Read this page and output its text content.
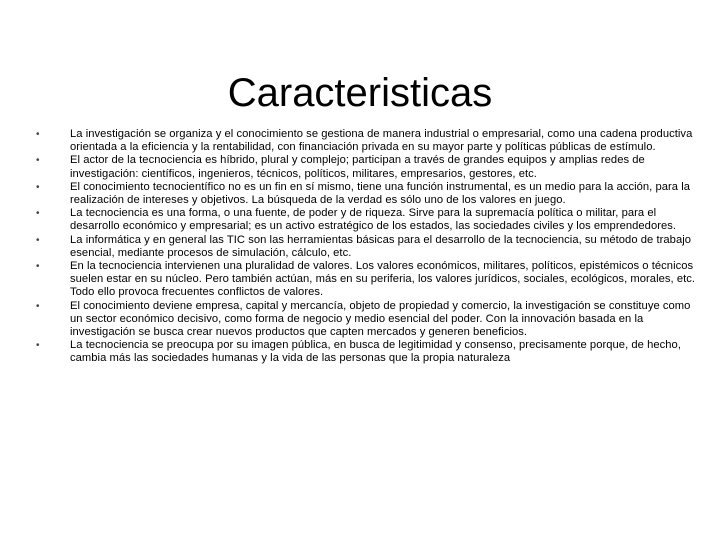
Caracteristicas
•	La investigación se organiza y el conocimiento se gestiona de manera industrial o empresarial, como una cadena productiva orientada a la eficiencia y la rentabilidad, con financiación privada en su mayor parte y políticas públicas de estímulo.
•	El actor de la tecnociencia es híbrido, plural y complejo; participan a través de grandes equipos y amplias redes de investigación: científicos, ingenieros, técnicos, políticos, militares, empresarios, gestores, etc.
•	El conocimiento tecnocientífico no es un fin en sí mismo, tiene una función instrumental, es un medio para la acción, para la realización de intereses y objetivos. La búsqueda de la verdad es sólo uno de los valores en juego.
•	La tecnociencia es una forma, o una fuente, de poder y de riqueza. Sirve para la supremacía política o militar, para el desarrollo económico y empresarial; es un activo estratégico de los estados, las sociedades civiles y los emprendedores.
•	La informática y en general las TIC son las herramientas básicas para el desarrollo de la tecnociencia, su método de trabajo esencial, mediante procesos de simulación, cálculo, etc.
•	En la tecnociencia intervienen una pluralidad de valores. Los valores económicos, militares, políticos, epistémicos o técnicos suelen estar en su núcleo. Pero también actúan, más en su periferia, los valores jurídicos, sociales, ecológicos, morales, etc. Todo ello provoca frecuentes conflictos de valores.
•	El conocimiento deviene empresa, capital y mercancía, objeto de propiedad y comercio, la investigación se constituye como un sector económico decisivo, como forma de negocio y medio esencial del poder. Con la innovación basada en la investigación se busca crear nuevos productos que capten mercados y generen beneficios.
•	La tecnociencia se preocupa por su imagen pública, en busca de legitimidad y consenso, precisamente porque, de hecho, cambia más las sociedades humanas y la vida de las personas que la propia naturaleza
